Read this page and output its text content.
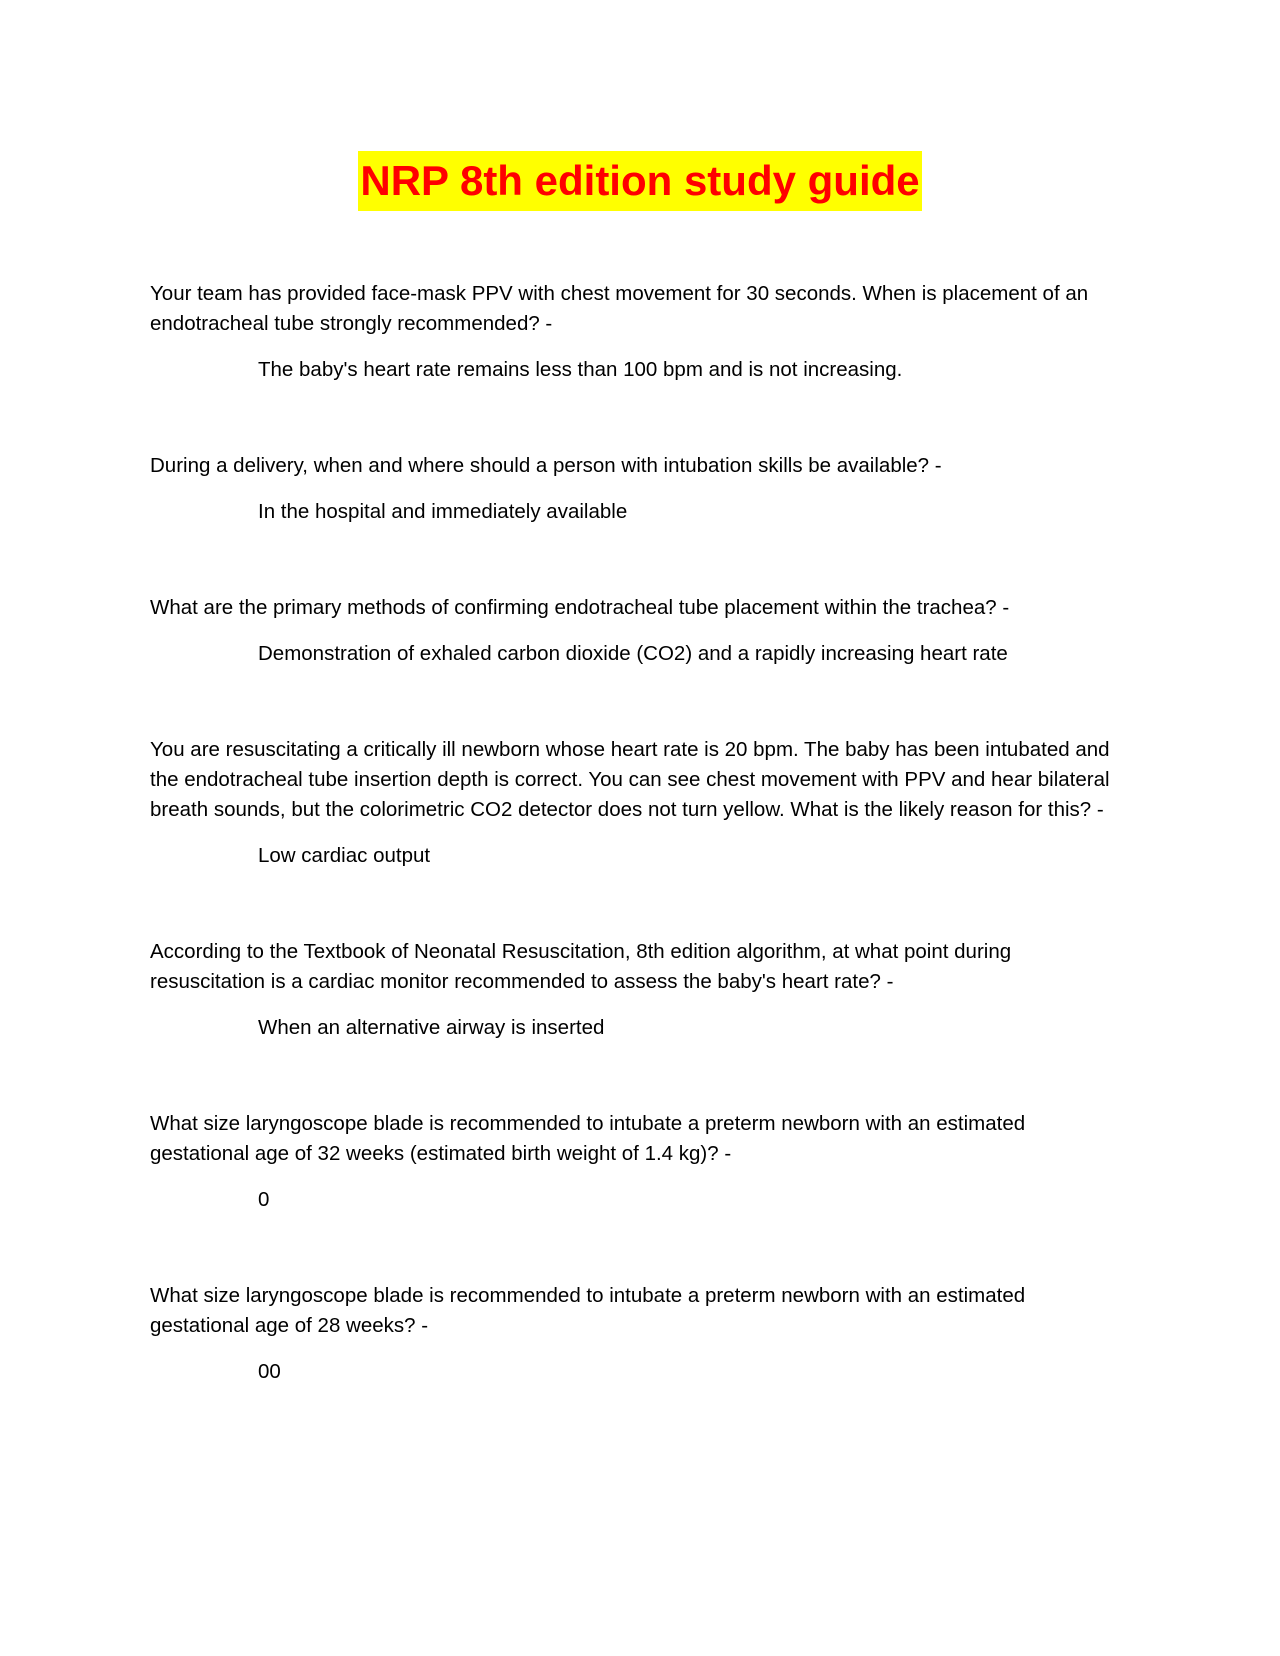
NRP 8th edition study guide

Your team has provided face-mask PPV with chest movement for 30 seconds. When is placement of an endotracheal tube strongly recommended? -

The baby's heart rate remains less than 100 bpm and is not increasing.

During a delivery, when and where should a person with intubation skills be available? -

In the hospital and immediately available

What are the primary methods of confirming endotracheal tube placement within the trachea? -

Demonstration of exhaled carbon dioxide (CO2) and a rapidly increasing heart rate

You are resuscitating a critically ill newborn whose heart rate is 20 bpm. The baby has been intubated and the endotracheal tube insertion depth is correct. You can see chest movement with PPV and hear bilateral breath sounds, but the colorimetric CO2 detector does not turn yellow. What is the likely reason for this? -

Low cardiac output

According to the Textbook of Neonatal Resuscitation, 8th edition algorithm, at what point during resuscitation is a cardiac monitor recommended to assess the baby's heart rate? -

When an alternative airway is inserted

What size laryngoscope blade is recommended to intubate a preterm newborn with an estimated gestational age of 32 weeks (estimated birth weight of 1.4 kg)? -

0

What size laryngoscope blade is recommended to intubate a preterm newborn with an estimated gestational age of 28 weeks? -

00
